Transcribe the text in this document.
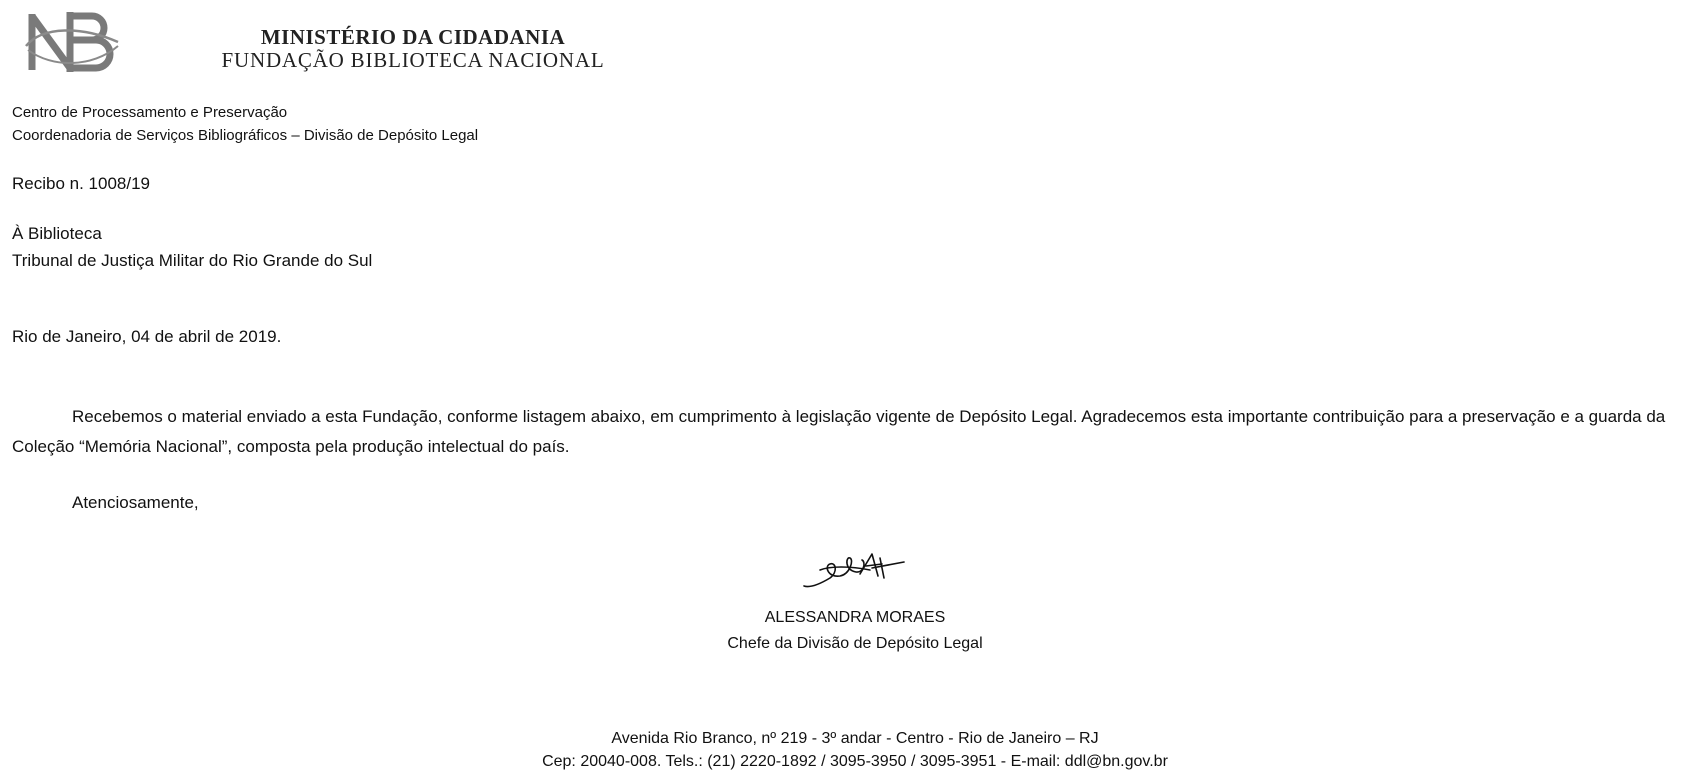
MINISTÉRIO DA CIDADANIA
FUNDAÇÃO BIBLIOTECA NACIONAL
Centro de Processamento e Preservação
Coordenadoria de Serviços Bibliográficos – Divisão de Depósito Legal
Recibo n. 1008/19
À Biblioteca
Tribunal de Justiça Militar do Rio Grande do Sul
Rio de Janeiro, 04 de abril de 2019.
Recebemos o material enviado a esta Fundação, conforme listagem abaixo, em cumprimento à legislação vigente de Depósito Legal. Agradecemos esta importante contribuição para a preservação e a guarda da Coleção “Memória Nacional”, composta pela produção intelectual do país.
Atenciosamente,
ALESSANDRA MORAES
Chefe da Divisão de Depósito Legal
Avenida Rio Branco, nº 219 - 3º andar - Centro - Rio de Janeiro – RJ
Cep: 20040-008. Tels.: (21) 2220-1892 / 3095-3950 / 3095-3951 - E-mail: ddl@bn.gov.br
